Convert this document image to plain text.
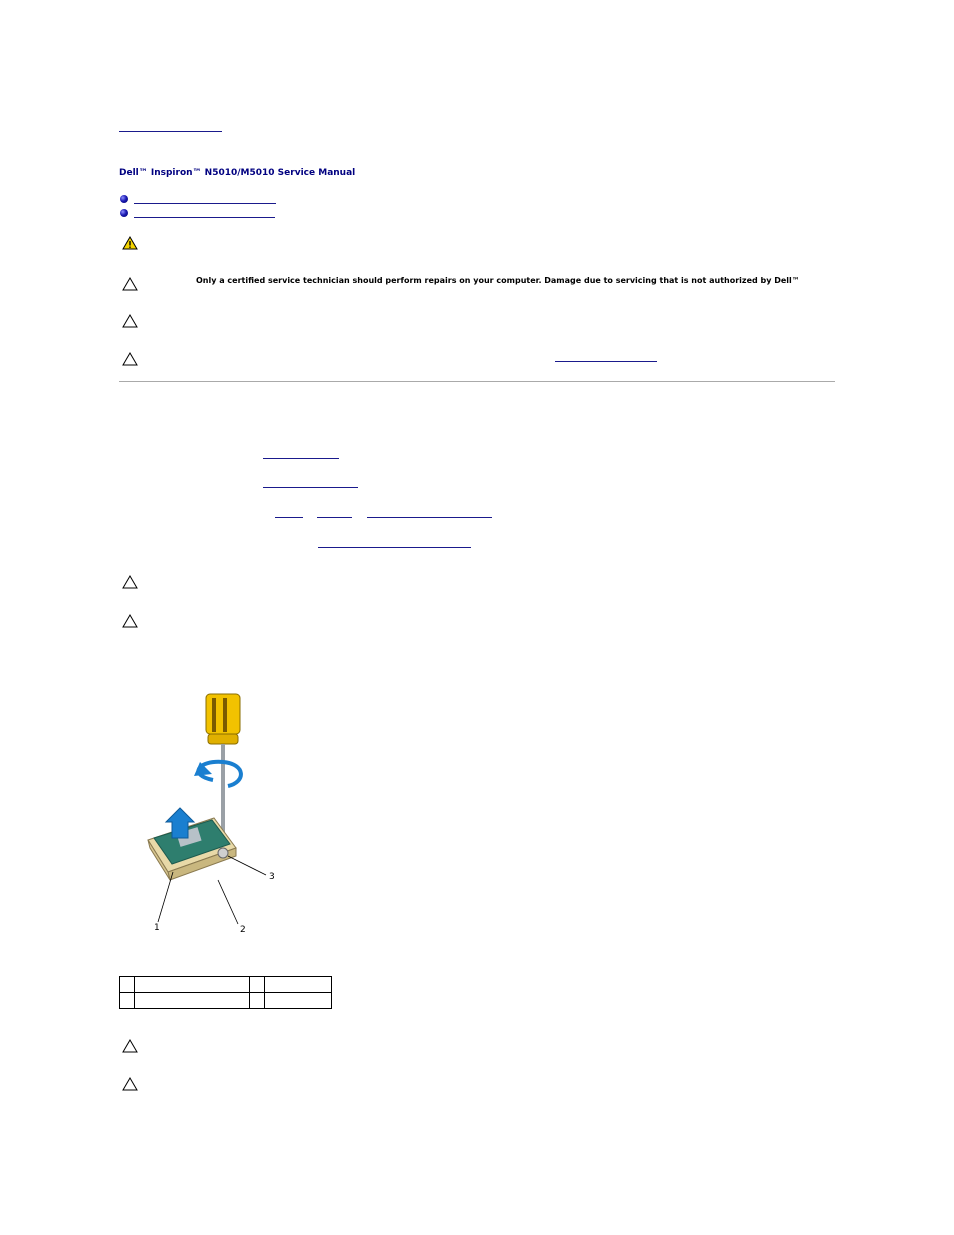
Dell™ Inspiron™ N5010/M5010 Service Manual
Only a certified service technician should perform repairs on your computer. Damage due to servicing that is not authorized by Dell™
3
1	2
